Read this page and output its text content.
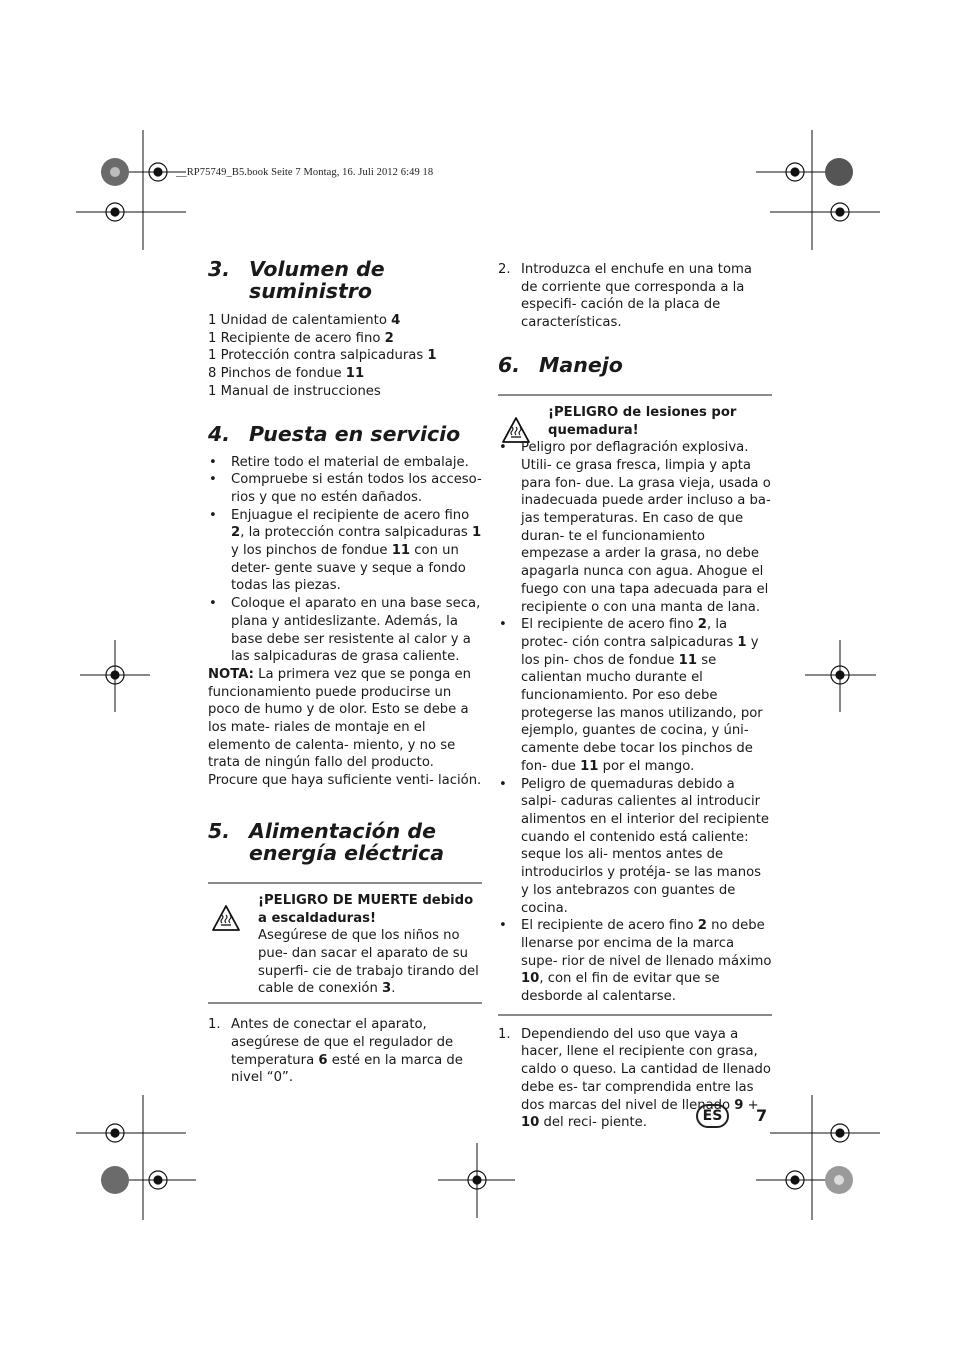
__RP75749_B5.book Seite 7 Montag, 16. Juli 2012 6:49 18
3. Volumen de
suministro
1 Unidad de calentamiento 4
1 Recipiente de acero fino 2
1 Protección contra salpicaduras 1
8 Pinchos de fondue 11
1 Manual de instrucciones
4. Puesta en servicio
• Retire todo el material de embalaje.
• Compruebe si están todos los acceso- rios y que no estén dañados.
• Enjuague el recipiente de acero fino 2, la protección contra salpicaduras 1 y los pinchos de fondue 11 con un deter- gente suave y seque a fondo todas las piezas.
• Coloque el aparato en una base seca, plana y antideslizante. Además, la base debe ser resistente al calor y a las salpicaduras de grasa caliente.

NOTA: La primera vez que se ponga en funcionamiento puede producirse un poco de humo y de olor. Esto se debe a los mate- riales de montaje en el elemento de calenta- miento, y no se trata de ningún fallo del producto. Procure que haya suficiente venti- lación.

5. Alimentación de
energía eléctrica
¡PELIGRO DE MUERTE debido a escaldaduras!
Asegúrese de que los niños no pue- dan sacar el aparato de su superfi- cie de trabajo tirando del cable de conexión 3.
1. Antes de conectar el aparato, asegúrese de que el regulador de temperatura 6 esté en la marca de nivel “0”.
2. Introduzca el enchufe en una toma de corriente que corresponda a la especifi- cación de la placa de características.
6. Manejo
¡PELIGRO de lesiones por quemadura!
• Peligro por deflagración explosiva. Utili- ce grasa fresca, limpia y apta para fon- due. La grasa vieja, usada o inadecuada puede arder incluso a ba- jas temperaturas. En caso de que duran- te el funcionamiento empezase a arder la grasa, no debe apagarla nunca con agua. Ahogue el fuego con una tapa adecuada para el recipiente o con una manta de lana.
• El recipiente de acero fino 2, la protec- ción contra salpicaduras 1 y los pin- chos de fondue 11 se calientan mucho durante el funcionamiento. Por eso debe protegerse las manos utilizando, por ejemplo, guantes de cocina, y úni- camente debe tocar los pinchos de fon- due 11 por el mango.
• Peligro de quemaduras debido a salpi- caduras calientes al introducir alimentos en el interior del recipiente cuando el contenido está caliente: seque los ali- mentos antes de introducirlos y protéja- se las manos y los antebrazos con guantes de cocina.
• El recipiente de acero fino 2 no debe llenarse por encima de la marca supe- rior de nivel de llenado máximo 10, con el fin de evitar que se desborde al calentarse.
1. Dependiendo del uso que vaya a hacer, llene el recipiente con grasa, caldo o queso. La cantidad de llenado debe es- tar comprendida entre las dos marcas del nivel de llenado 9 + 10 del reci- piente.	ES	7
